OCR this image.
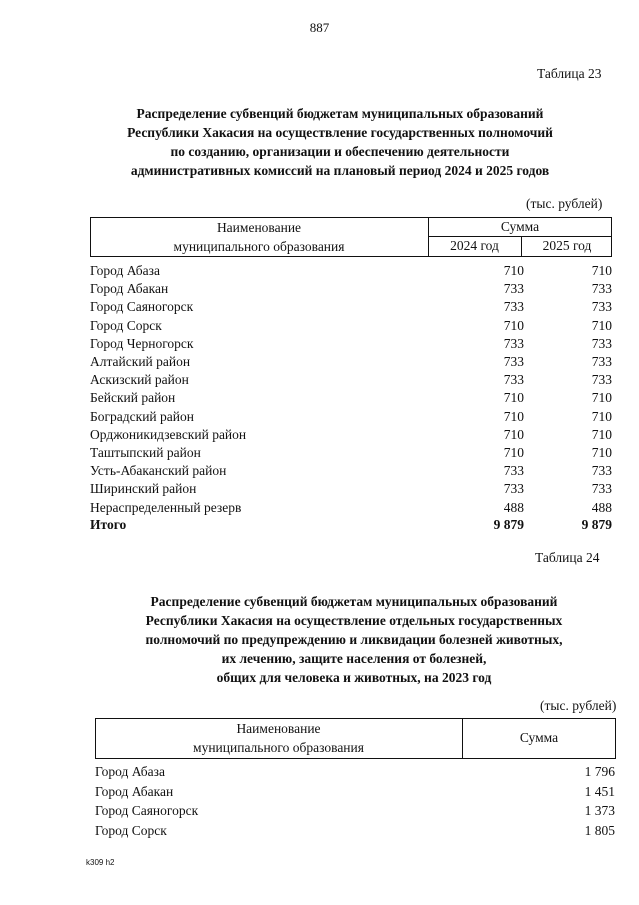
887
Таблица 23
Распределение субвенций бюджетам муниципальных образований
Республики Хакасия на осуществление государственных полномочий
по созданию, организации и обеспечению деятельности
административных комиссий на плановый период 2024 и 2025 годов
(тыс. рублей)
Наименование
муниципального образования
Сумма
2024 год	2025 год
Город Абаза	710	710
Город Абакан	733	733
Город Саяногорск	733	733
Город Сорск	710	710
Город Черногорск	733	733
Алтайский район	733	733
Аскизский район	733	733
Бейский район	710	710
Боградский район	710	710
Орджоникидзевский район	710	710
Таштыпский район	710	710
Усть-Абаканский район	733	733
Ширинский район	733	733
Нераспределенный резерв	488	488
Итого	9 879	9 879
Таблица 24
Распределение субвенций бюджетам муниципальных образований
Республики Хакасия на осуществление отдельных государственных
полномочий по предупреждению и ликвидации болезней животных,
их лечению, защите населения от болезней,
общих для человека и животных, на 2023 год
(тыс. рублей)
Наименование
муниципального образования
Сумма
Город Абаза	1 796
Город Абакан	1 451
Город Саяногорск	1 373
Город Сорск	1 805
k309 h2
